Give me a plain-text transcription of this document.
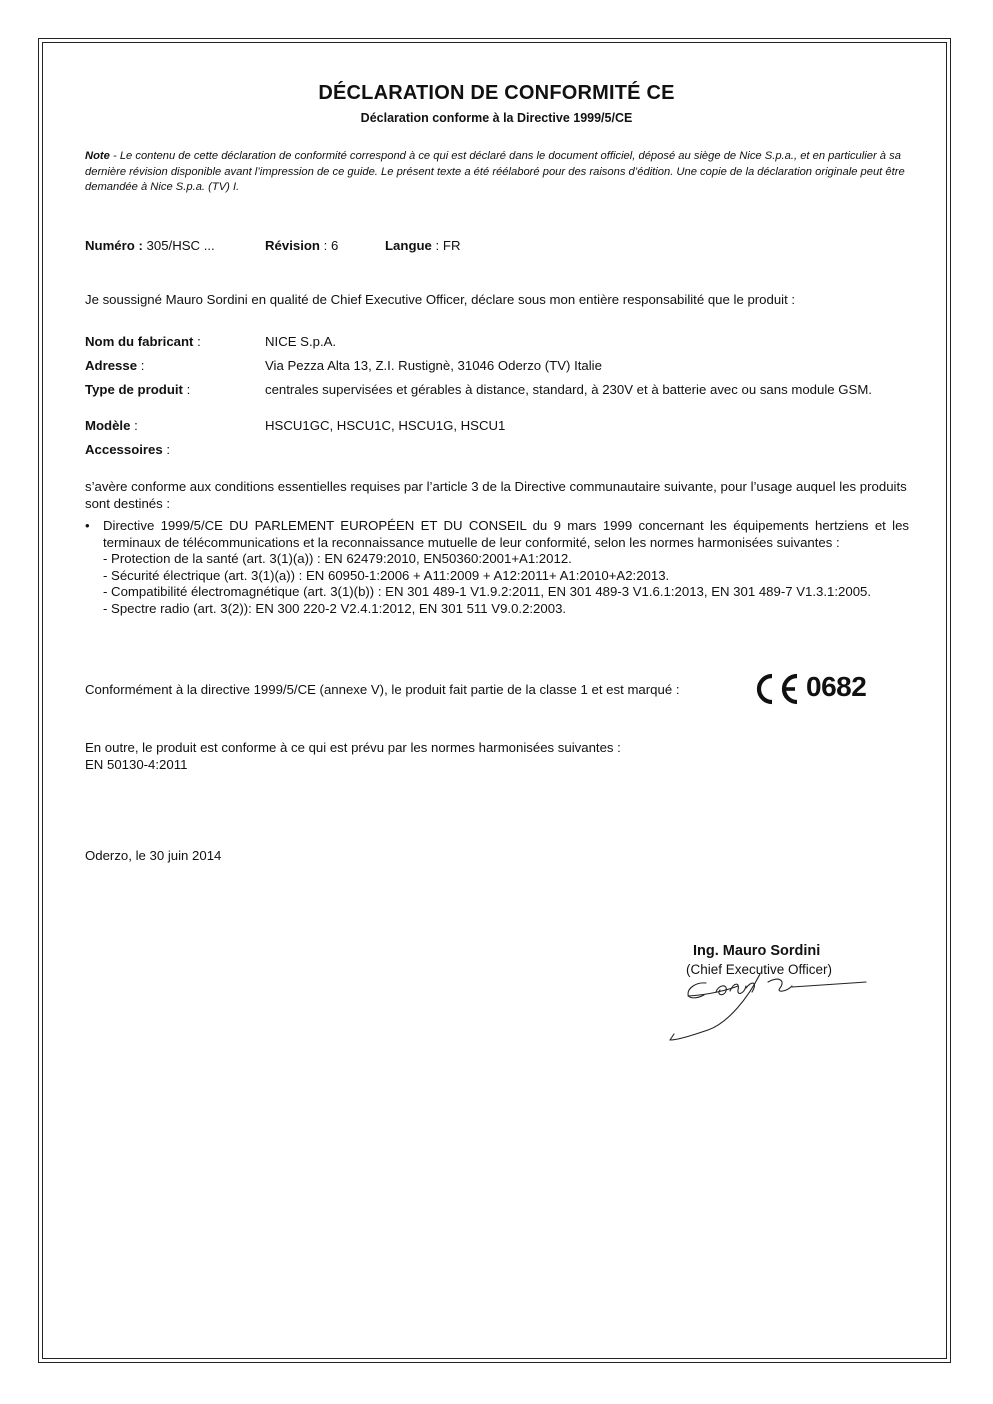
DÉCLARATION DE CONFORMITÉ CE
Déclaration conforme à la Directive 1999/5/CE
Note - Le contenu de cette déclaration de conformité correspond à ce qui est déclaré dans le document officiel, déposé au siège de Nice S.p.a., et en particulier à sa dernière révision disponible avant l’impression de ce guide. Le présent texte a été réélaboré pour des raisons d’édition. Une copie de la déclaration originale peut être demandée à Nice S.p.a. (TV) I.
Numéro : 305/HSC ...	Révision : 6	Langue : FR
Je soussigné Mauro Sordini en qualité de Chief Executive Officer, déclare sous mon entière responsabilité que le produit :
Nom du fabricant :	NICE S.p.A.
Adresse :	Via Pezza Alta 13, Z.I. Rustignè, 31046 Oderzo (TV) Italie
Type de produit :	centrales supervisées et gérables à distance, standard, à 230V et à batterie avec ou sans module GSM.
Modèle :	HSCU1GC, HSCU1C, HSCU1G, HSCU1
Accessoires :
s’avère conforme aux conditions essentielles requises par l’article 3 de la Directive communautaire suivante, pour l’usage auquel les produits sont destinés :
• Directive 1999/5/CE DU PARLEMENT EUROPÉEN ET DU CONSEIL du 9 mars 1999 concernant les équipements hertziens et les terminaux de télécommunications et la reconnaissance mutuelle de leur conformité, selon les normes harmonisées suivantes :
- Protection de la santé (art. 3(1)(a)) : EN 62479:2010, EN50360:2001+A1:2012.
- Sécurité électrique (art. 3(1)(a)) : EN 60950-1:2006 + A11:2009 + A12:2011+ A1:2010+A2:2013.
- Compatibilité électromagnétique (art. 3(1)(b)) : EN 301 489-1 V1.9.2:2011, EN 301 489-3 V1.6.1:2013, EN 301 489-7 V1.3.1:2005.
- Spectre radio (art. 3(2)): EN 300 220-2 V2.4.1:2012, EN 301 511 V9.0.2:2003.
Conformément à la directive 1999/5/CE (annexe V), le produit fait partie de la classe 1 et est marqué :	0682
En outre, le produit est conforme à ce qui est prévu par les normes harmonisées suivantes :
EN 50130-4:2011
Oderzo, le 30 juin 2014
Ing. Mauro Sordini
(Chief Executive Officer)
